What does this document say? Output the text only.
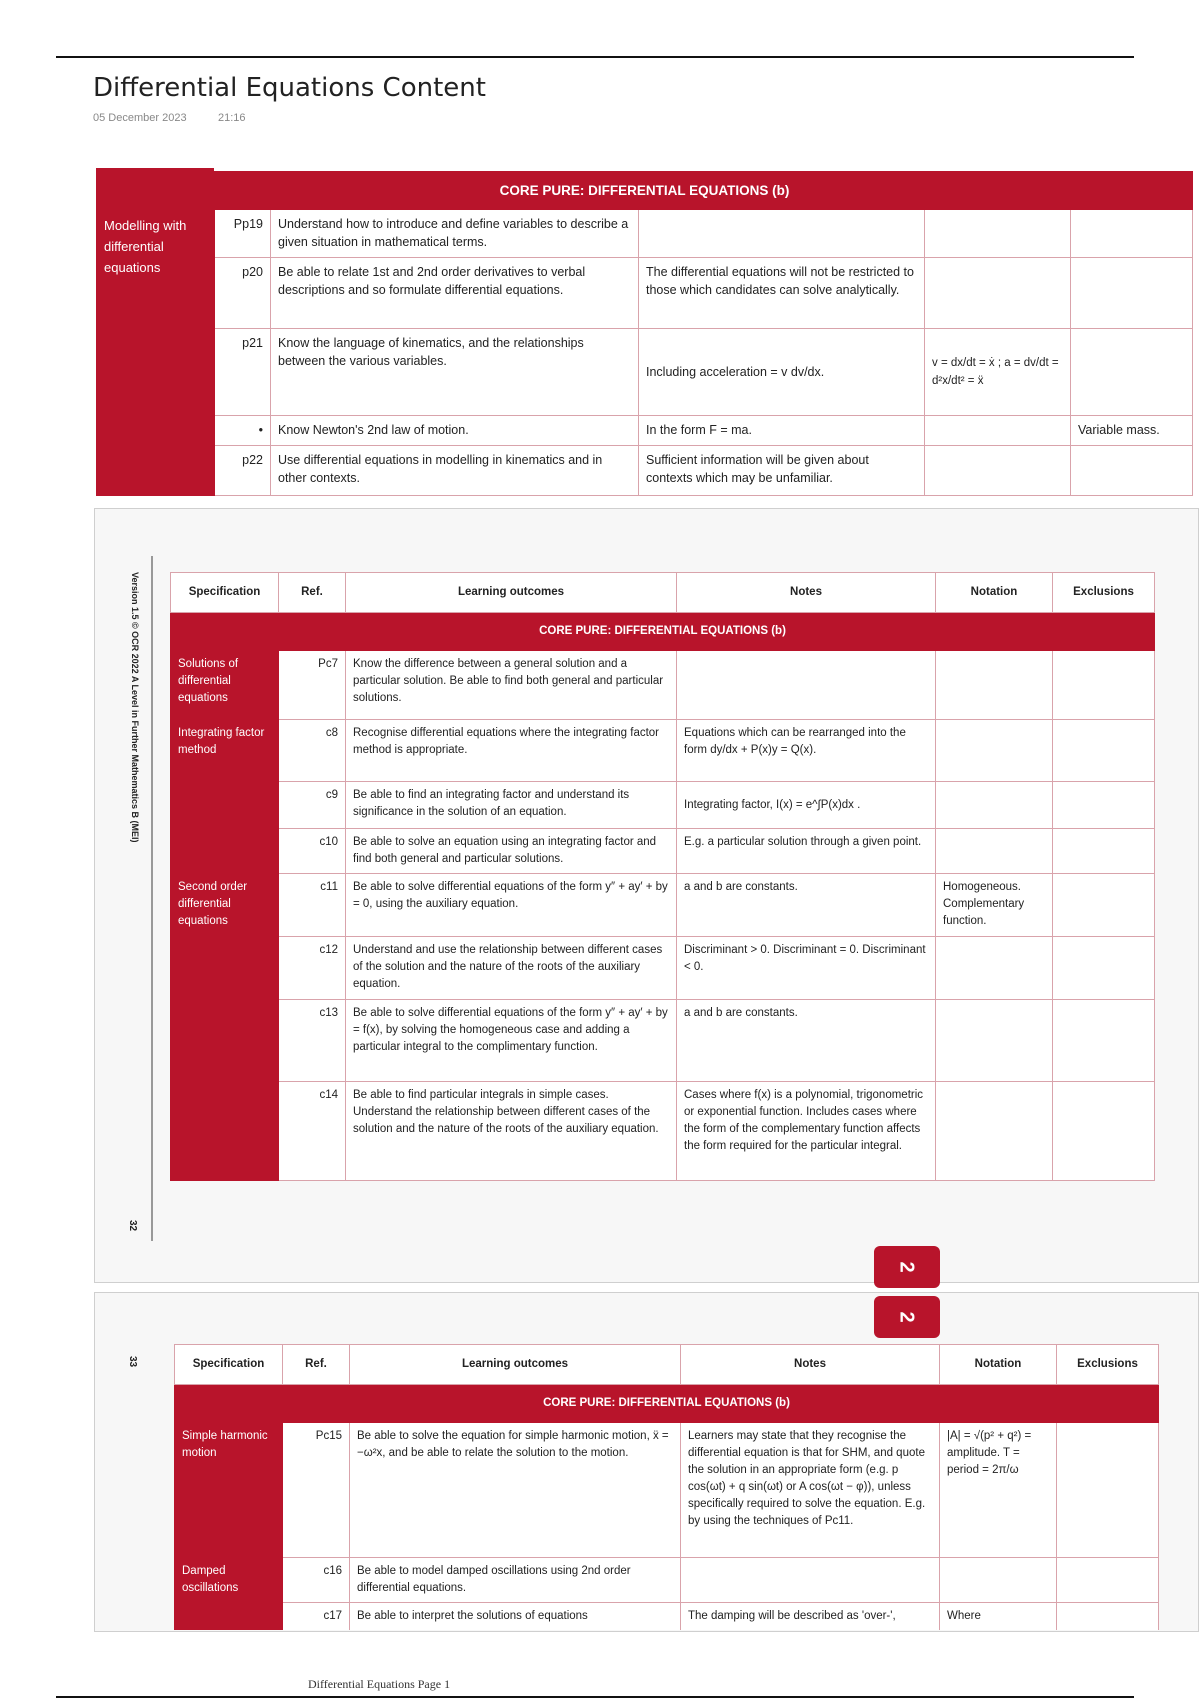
Differential Equations Content
05 December 2023	21:16
CORE PURE: DIFFERENTIAL EQUATIONS (b)					
Modelling with differential equations	Pp19	Understand how to introduce and define variables to describe a given situation in mathematical terms.			
	p20	Be able to relate 1st and 2nd order derivatives to verbal descriptions and so formulate differential equations.	The differential equations will not be restricted to those which candidates can solve analytically.		
	p21	Know the language of kinematics, and the relationships between the various variables.	Including acceleration = v dv/dx.	v = dx/dt = ẋ ; a = dv/dt = d²x/dt² = ẍ	
	•	Know Newton's 2nd law of motion.	In the form F = ma.		Variable mass.
	p22	Use differential equations in modelling in kinematics and in other contexts.	Sufficient information will be given about contexts which may be unfamiliar.		
Version 1.5 © OCR 2022 A Level in Further Mathematics B (MEI)
32
2
Specification	Ref.	Learning outcomes	Notes	Notation	Exclusions
CORE PURE: DIFFERENTIAL EQUATIONS (b)					
Solutions of differential equations	Pc7	Know the difference between a general solution and a particular solution. Be able to find both general and particular solutions.			
Integrating factor method	c8	Recognise differential equations where the integrating factor method is appropriate.	Equations which can be rearranged into the form dy/dx + P(x)y = Q(x).		
	c9	Be able to find an integrating factor and understand its significance in the solution of an equation.	Integrating factor, I(x) = e^∫P(x)dx .		
	c10	Be able to solve an equation using an integrating factor and find both general and particular solutions.	E.g. a particular solution through a given point.		
Second order differential equations	c11	Be able to solve differential equations of the form y″ + ay′ + by = 0, using the auxiliary equation.	a and b are constants.	Homogeneous. Complementary function.	
	c12	Understand and use the relationship between different cases of the solution and the nature of the roots of the auxiliary equation.	Discriminant > 0. Discriminant = 0. Discriminant < 0.		
	c13	Be able to solve differential equations of the form y″ + ay′ + by = f(x), by solving the homogeneous case and adding a particular integral to the complimentary function.	a and b are constants.		
	c14	Be able to find particular integrals in simple cases. Understand the relationship between different cases of the solution and the nature of the roots of the auxiliary equation.	Cases where f(x) is a polynomial, trigonometric or exponential function. Includes cases where the form of the complementary function affects the form required for the particular integral.		
33
2
Specification	Ref.	Learning outcomes	Notes	Notation	Exclusions
CORE PURE: DIFFERENTIAL EQUATIONS (b)					
Simple harmonic motion	Pc15	Be able to solve the equation for simple harmonic motion, ẍ = −ω²x, and be able to relate the solution to the motion.	Learners may state that they recognise the differential equation is that for SHM, and quote the solution in an appropriate form (e.g. p cos(ωt) + q sin(ωt) or A cos(ωt − φ)), unless specifically required to solve the equation. E.g. by using the techniques of Pc11.	|A| = √(p² + q²) = amplitude. T = period = 2π/ω	
Damped oscillations	c16	Be able to model damped oscillations using 2nd order differential equations.			
	c17	Be able to interpret the solutions of equations	The damping will be described as 'over-',	Where	
Differential Equations Page 1
